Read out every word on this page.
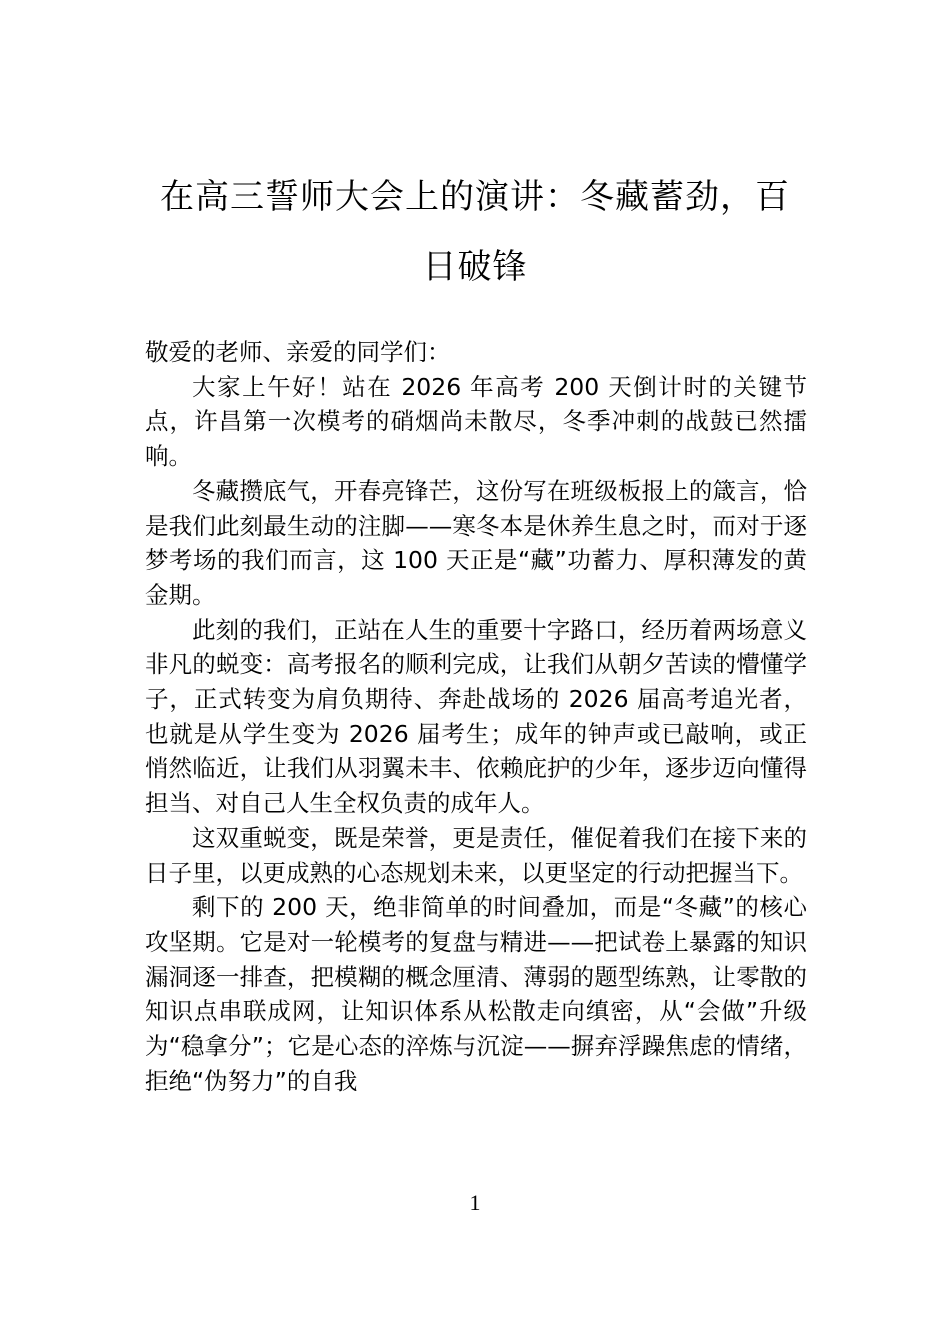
在高三誓师大会上的演讲：冬藏蓄劲，百
日破锋

敬爱的老师、亲爱的同学们：

大家上午好！站在 2026 年高考 200 天倒计时的关键节点，许昌第一次模考的硝烟尚未散尽，冬季冲刺的战鼓已然擂响。

冬藏攒底气，开春亮锋芒，这份写在班级板报上的箴言，恰是我们此刻最生动的注脚——寒冬本是休养生息之时，而对于逐梦考场的我们而言，这 100 天正是“藏”功蓄力、厚积薄发的黄金期。

此刻的我们，正站在人生的重要十字路口，经历着两场意义非凡的蜕变：高考报名的顺利完成，让我们从朝夕苦读的懵懂学子，正式转变为肩负期待、奔赴战场的 2026 届高考追光者，也就是从学生变为 2026 届考生；成年的钟声或已敲响，或正悄然临近，让我们从羽翼未丰、依赖庇护的少年，逐步迈向懂得担当、对自己人生全权负责的成年人。

这双重蜕变，既是荣誉，更是责任，催促着我们在接下来的日子里，以更成熟的心态规划未来，以更坚定的行动把握当下。

剩下的 200 天，绝非简单的时间叠加，而是“冬藏”的核心攻坚期。它是对一轮模考的复盘与精进——把试卷上暴露的知识漏洞逐一排查，把模糊的概念厘清、薄弱的题型练熟，让零散的知识点串联成网，让知识体系从松散走向缜密，从“会做”升级为“稳拿分”；它是心态的淬炼与沉淀——摒弃浮躁焦虑的情绪，拒绝“伪努力”的自我

1
